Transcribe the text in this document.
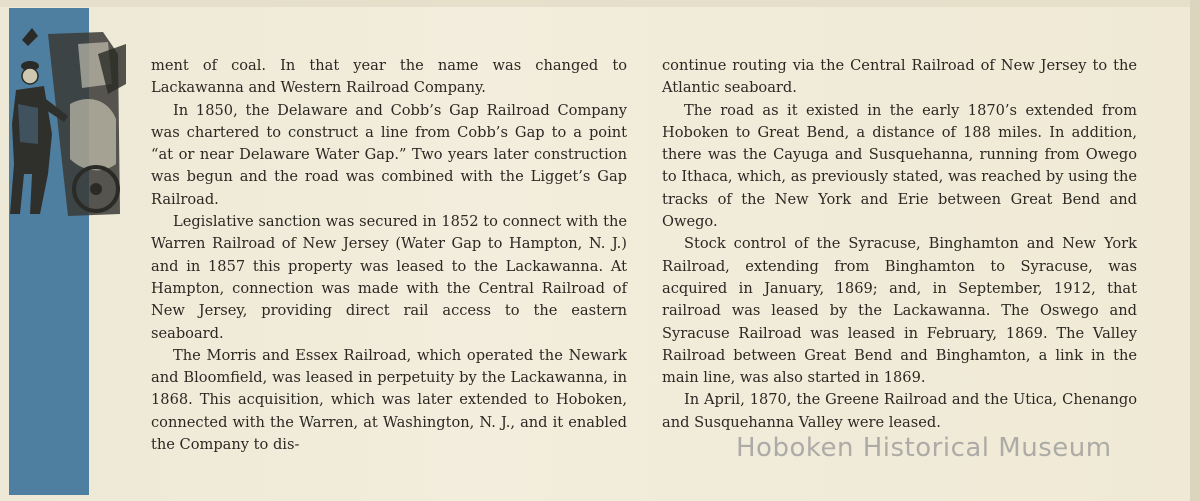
ment of coal. In that year the name was changed to Lackawanna and Western Railroad Company.

In 1850, the Delaware and Cobb’s Gap Railroad Company was chartered to construct a line from Cobb’s Gap to a point “at or near Delaware Water Gap.” Two years later construction was begun and the road was combined with the Ligget’s Gap Railroad.

Legislative sanction was secured in 1852 to connect with the Warren Railroad of New Jersey (Water Gap to Hampton, N. J.) and in 1857 this property was leased to the Lackawanna. At Hampton, connection was made with the Central Railroad of New Jersey, providing direct rail access to the eastern seaboard.

The Morris and Essex Railroad, which operated the Newark and Bloomfield, was leased in perpetuity by the Lackawanna, in 1868. This acquisition, which was later extended to Hoboken, connected with the Warren, at Washington, N. J., and it enabled the Company to dis-

continue routing via the Central Railroad of New Jersey to the Atlantic seaboard.

The road as it existed in the early 1870’s extended from Hoboken to Great Bend, a distance of 188 miles. In addition, there was the Cayuga and Susquehanna, running from Owego to Ithaca, which, as previously stated, was reached by using the tracks of the New York and Erie between Great Bend and Owego.

Stock control of the Syracuse, Binghamton and New York Railroad, extending from Binghamton to Syracuse, was acquired in January, 1869; and, in September, 1912, that railroad was leased by the Lackawanna. The Oswego and Syracuse Railroad was leased in February, 1869. The Valley Railroad between Great Bend and Binghamton, a link in the main line, was also started in 1869.

In April, 1870, the Greene Railroad and the Utica, Chenango and Susquehanna Valley were leased.

Hoboken Historical Museum
